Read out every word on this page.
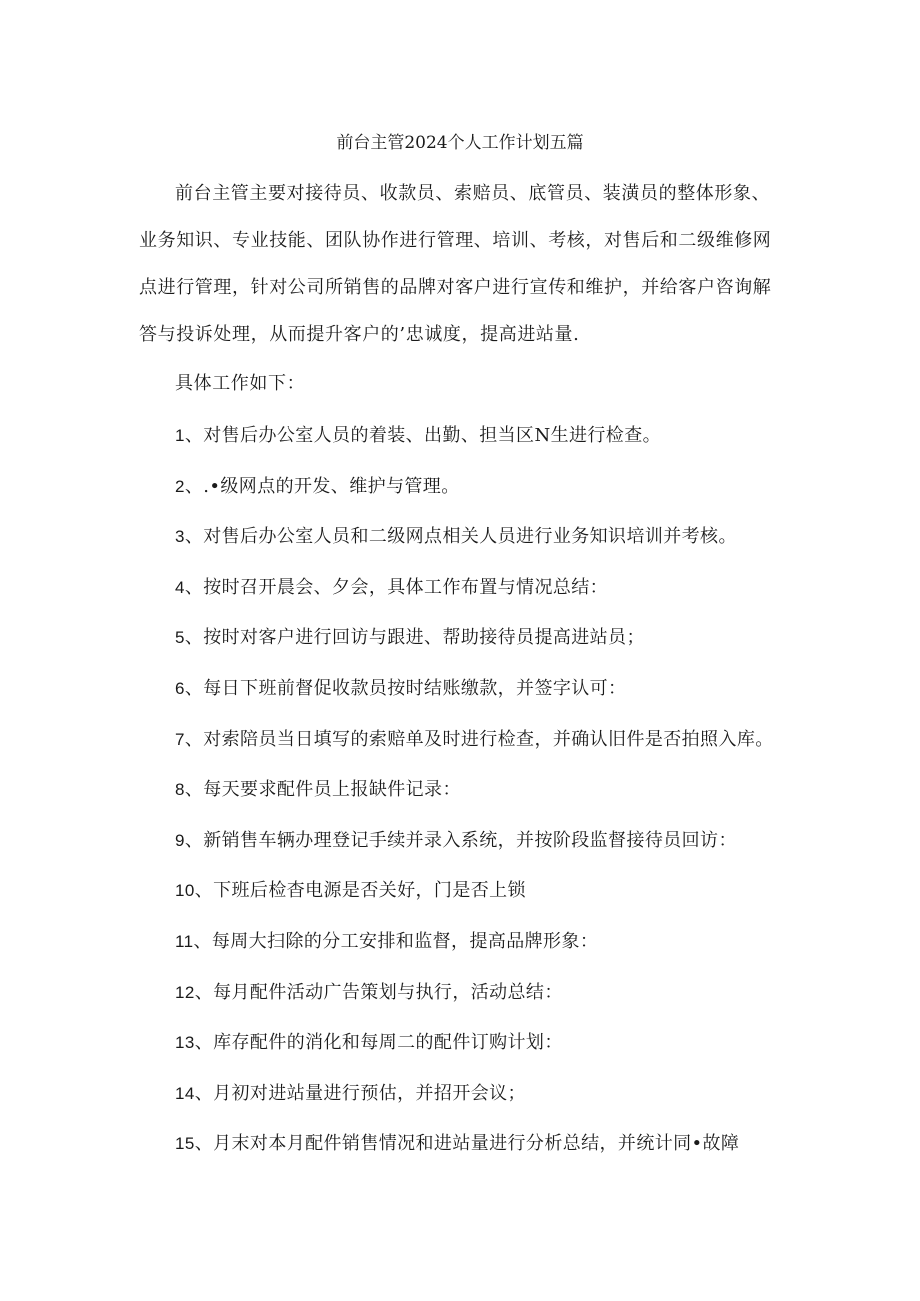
前台主管2024个人工作计划五篇

前台主管主要对接待员、收款员、索赔员、底管员、装潢员的整体形象、业务知识、专业技能、团队协作进行管理、培训、考核，对售后和二级维修网点进行管理，针对公司所销售的品牌对客户进行宣传和维护，并给客户咨询解答与投诉处理，从而提升客户的’忠诚度，提高进站量.

具体工作如下：

1、对售后办公室人员的着装、出勤、担当区N生进行检查。
2、.•级网点的开发、维护与管理。
3、对售后办公室人员和二级网点相关人员进行业务知识培训并考核。
4、按时召开晨会、夕会，具体工作布置与情况总结：
5、按时对客户进行回访与跟进、帮助接待员提高进站员；
6、每日下班前督促收款员按时结账缴款，并签字认可：
7、对索陪员当日填写的索赔单及时进行检查，并确认旧件是否拍照入库。
8、每天要求配件员上报缺件记录：
9、新销售车辆办理登记手续并录入系统，并按阶段监督接待员回访：
10、下班后检杳电源是否关好，门是否上锁
11、每周大扫除的分工安排和监督，提高品牌形象：
12、每月配件活动广告策划与执行，活动总结：
13、库存配件的消化和每周二的配件订购计划：
14、月初对进站量进行预估，并招开会议；
15、月末对本月配件销售情况和进站量进行分析总结，并统计同•故障
